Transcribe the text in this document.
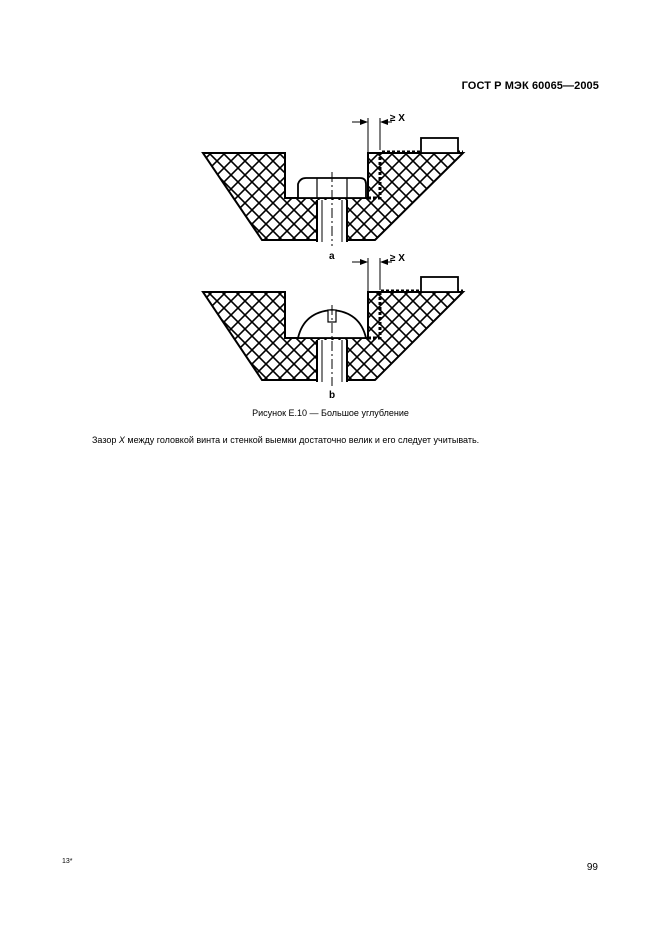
ГОСТ Р МЭК 60065—2005
≥ X
a	≥ X
b
Рисунок Е.10 — Большое углубление
Зазор X между головкой винта и стенкой выемки достаточно велик и его следует учитывать.
13*
99
